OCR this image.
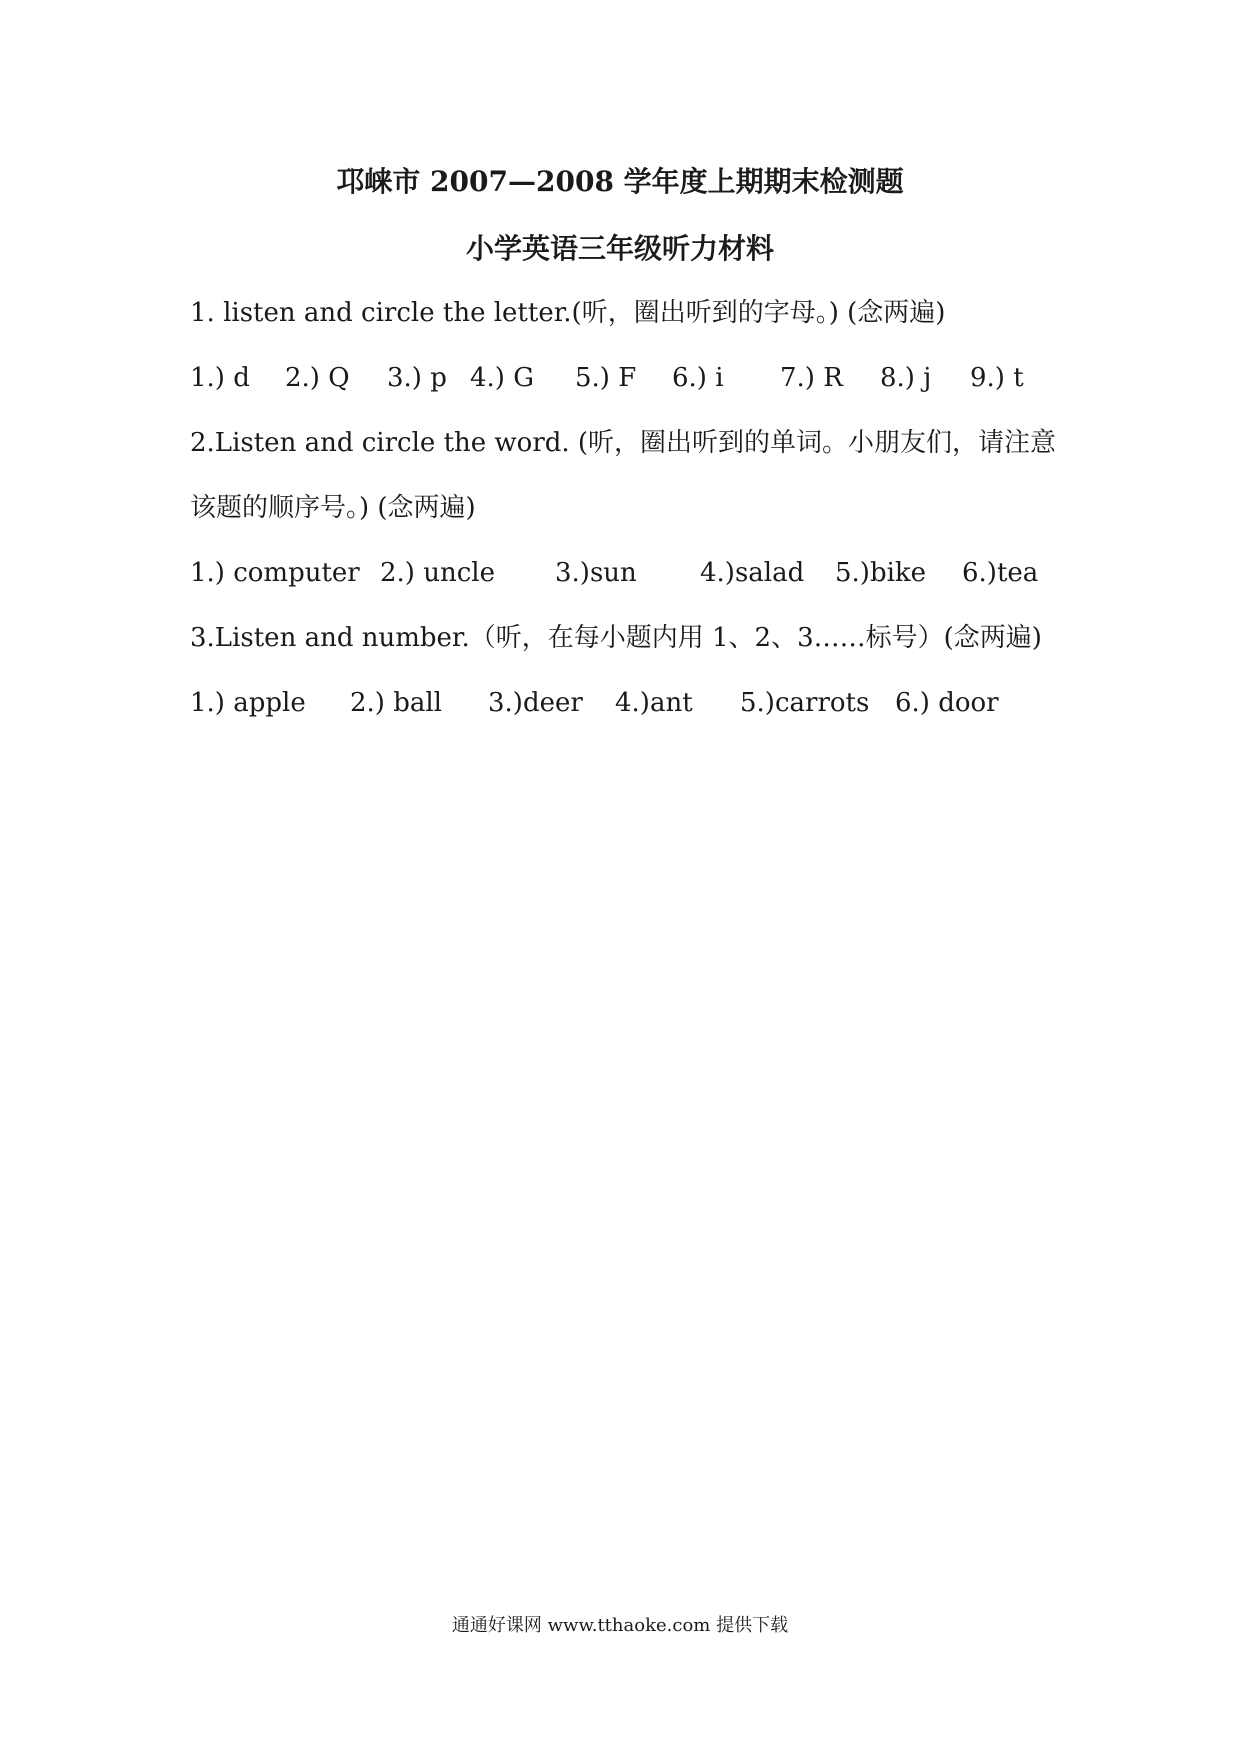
邛崃市 2007—2008 学年度上期期末检测题
小学英语三年级听力材料
1. listen and circle the letter.(听，圈出听到的字母。) (念两遍)
1.) d 2.) Q 3.) p 4.) G 5.) F 6.) i 7.) R 8.) j 9.) t
2.Listen and circle the word. (听，圈出听到的单词。小朋友们，请注意
该题的顺序号。) (念两遍)
1.) computer 2.) uncle 3.)sun 4.)salad 5.)bike 6.)tea
3.Listen and number.（听，在每小题内用 1、2、3……标号）(念两遍)
1.) apple 2.) ball 3.)deer 4.)ant 5.)carrots 6.) door
通通好课网 www.tthaoke.com 提供下载
